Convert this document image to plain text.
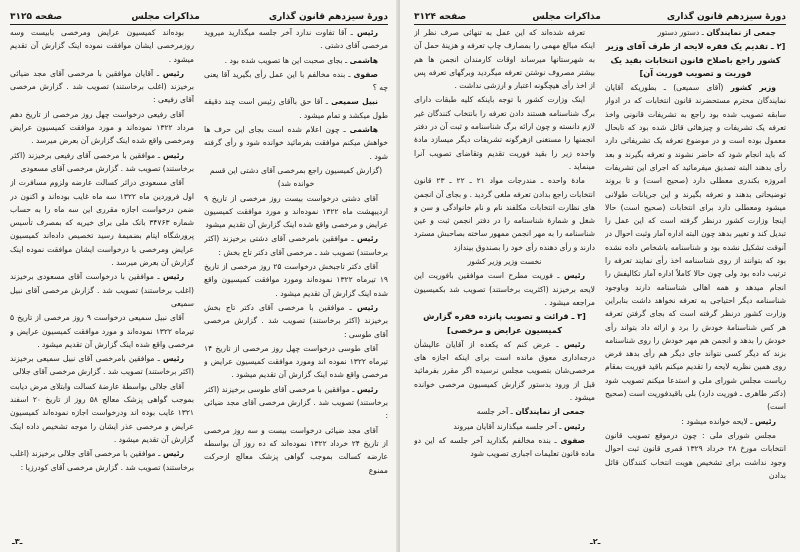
دورهٔ سیزدهم قانون گذاری
مذاکرات مجلس
صفحه ۳۱۲۵

رئیس ـ آقا تفاوت ندارد آخر جلسه میگذارید میروید مرخصی آقای دشتی .

هاشمی ـ بجای صحبت این ها تصویب شده بود .

صفوی ـ بنده مخالفم با این عمل رأی بگیرید آقا یعنی چه ؟

نبیل سمیعی ـ آقا حق باآقای رئیس است چند دقیقه طول میکشد و تمام میشود .

هاشمی ـ چون اعلام شده است بجای این حرف ها خواهش میکنم موافقت بفرمائید خوانده شود و رأی گرفته شود .

(گزارش کمیسیون راجع بمرخصی آقای دشتی این قسم خوانده شد)

آقای دشتی درخواست بیست روز مرخصی از تاریخ ۹ اردیبهشت ماه ۱۳۲۲ نموده‌اند و مورد موافقت کمیسیون عرایض و مرخصی واقع شده اینک گزارش آن تقدیم میشود

رئیس ـ موافقین بامرخصی آقای دشتی برخیزند (اکثر برخاستند) تصویب شد ـ مرخصی آقای دکتر تاج بخش :

آقای دکتر تاجبخش درخواست ۲۵ روز مرخصی از تاریخ ۱۹ تیرماه ۱۳۲۲ نموده‌اند ومورد موافقت کمیسیون واقع شده اینک گزارش آن تقدیم میشود .

رئیس ـ موافقین با مرخصی آقای دکتر تاج بخش برخیزند (اکثر برخاستند) تصویب شد . گزارش مرخصی آقای طوسی :

آقای طوسی درخواست چهل روز مرخصی از تاریخ ۱۴ تیرماه ۱۳۲۲ نموده اند ومورد موافقت کمیسیون عرایض و مرخصی واقع شده اینک گزارش آن تقدیم میشود .

رئیس ـ موافقین با مرخصی آقای طوسی برخیزند (اکثر برخاستند) تصویب شد . گزارش مرخصی آقای مجد ضیائی :

آقای مجد ضیائی درخواست بیست و سه روز مرخصی از تاریخ ۲۴ خرداد ۱۳۲۲ نموده‌اند که ده روز آن بواسطه عارضه کسالت بموجب گواهی پزشک معالج ازحرکت ممنوع

بوده‌اند کمیسیون عرایض ومرخصی بابیست وسه روزمرخصی ایشان موافقت نموده اینک گزارش آن تقدیم میشود .

رئیس ـ آقایان موافقین با مرخصی آقای مجد ضیائی برخیزند (اغلب برخاستند) تصویب شد . گزارش مرخصی آقای رفیعی :

آقای رفیعی درخواست چهل روز مرخصی از تاریخ دهم مرداد ۱۳۲۲ نموده‌اند و مورد موافقت کمیسیون عرایض ومرخصی واقع شده اینک گزارش آن بعرض میرسد .

رئیس ـ موافقین با مرخصی آقای رفیعی برخیزند (اکثر برخاستند) تصویب شد . گزارش مرخصی آقای مسعودی

آقای مسعودی دراثر کسالت عارضه ولزوم مسافرت از اول فروردین ماه ۱۳۲۲ سه ماه غایب بوده‌اند و اکنون در ضمن درخواست اجازه مقرری این سه ماه را به حساب شماره ۳۴۷۶۳ بانک ملی برای خیریه که بمصرف تأسیس پرورشگاه ایتام بضمیمهٔ رسید تخصیص داده‌اند کمیسیون عرایض ومرخصی با درخواست ایشان موافقت نموده اینک گزارش آن بعرض میرسد .

رئیس ـ موافقین با درخواست آقای مسعودی برخیزند (اغلب برخاستند) تصویب شد . گزارش مرخصی آقای نبیل سمیعی

آقای نبیل سمیعی درخواست ۹ روز مرخصی از تاریخ ۵ تیرماه ۱۳۲۲ نموده‌اند و مورد موافقت کمیسیون عرایض و مرخصی واقع شده اینک گزارش آن تقدیم میشود .

رئیس ـ موافقین بامرخصی آقای نبیل سمیعی برخیزند (اکثر برخاستند) تصویب شد . گزارش مرخصی آقای جلالی

آقای جلالی بواسطهٔ عارضهٔ کسالت وابتلای مرض دیابت بموجب گواهی پزشک معالج ۵۸ روز از تاریخ ۲۰ اسفند ۱۳۲۱ غایب بوده اند ودرخواست اجازه نموده‌اند کمیسیون عرایض و مرخصی عذر ایشان را موجه تشخیص داده اینک گزارش آن تقدیم میشود .

رئیس ـ موافقین با مرخصی آقای جلالی برخیزند (اغلب برخاستند) تصویب شد . گزارش مرخصی آقای کودرزیا :

ـ۳ـ
دورهٔ سیزدهم قانون گذاری
مذاکرات مجلس
صفحه ۳۱۲۴

جمعی از نمایندگان ـ دستور دستور

[۲ ـ تقدیم یک فقره لایحه از طرف آقای وزیر کشور راجع باصلاح قانون انتخابات بقید یک فوریت و تصویب فوریت آن]

وزیر کشور (آقای سمیعی) ـ بطوریکه آقایان نمایندگان محترم مستحضرند قانون انتخابات که در ادوار سابقه تصویب شده بود راجع به تشریفات قانونی واخذ تعرفه یک تشریفات و چیزهائی قائل شده بود که تابحال معمول بوده است و در موضوع تعرفه یک تشریفاتی دارد که باید انجام شود که حاضر نشوند و تعرفه بگیرند و بعد رأی بدهند البته تصدیق میفرمائید که اجرای این تشریفات امروزه بکندری معطلی دارد (صحیح است) و تا بروند توضیحاتی بدهند و تعرفه بگیرند و این جریانات طولانی میشود ومعطلی دارد برای انتخابات (صحیح است) حالا اینجا وزارت کشور درنظر گرفته است که این عمل را تبدیل کند و تغییر بدهد چون البته اداره آمار وثبت احوال در آنوقت تشکیل نشده بود و شناسنامه باشخاص داده نشده بود که بتوانند از روی شناسنامه اخذ رأی نمایند تعرفه را ترتیب داده بود ولی چون حالا کاملاً اداره آمار تکالیفش را انجام میدهد و همه اهالی شناسنامه دارند وباوجود شناسنامه دیگر احتیاجی به تعرفه نخواهد داشت بنابراین وزارت کشور درنظر گرفته است که بجای گرفتن تعرفه هر کس شناسنامهٔ خودش را برد و ارائه داد بتواند رأی خودش را بدهد و انجمن هم مهر خودش را روی شناسنامه بزند که دیگر کسی نتواند جای دیگر هم رأی بدهد فرض روی همین نظریه لایحه را تقدیم میکنم باقید فوریت بمقام ریاست مجلس شورای ملی و استدعا میکنم تصویب شود (دکتر طاهری ـ فوریت دارد) بلی باقیدفوریت است (صحیح است)

رئیس ـ لایحه خوانده میشود :

مجلس شورای ملی : چون درموقع تصویب قانون انتخابات مورخ ۲۸ خرداد ۱۳۲۹ قمری قانون ثبت احوال وجود نداشت برای تشخیص هویت انتخاب کنندگان قائل بدادن

تعرفه شده‌اند که این عمل به تنهائی صرف نظر از اینکه مبالغ مهمی را بمصارف چاپ تعرفه و هزینهٔ حمل آن به شهرستانها میرساند اوقات کارمندان انجمن ها هم بیشتر مصروف نوشتن تعرفه میگردید وبرگهای تعرفه پس از اخذ رأی هیچگونه اعتبار و ارزشی نداشت .

اینک وزارت کشور با توجه باینکه کلیه طبقات دارای برگ شناسنامه هستند دادن تعرفه را بانتخاب کنندگان غیر لازم دانسته و چون ارائه برگ شناسنامه و ثبت آن در دفتر انجمنها را مستغنی ازهرگونه تشریفات دیگر میسازد مادهٔ واحده زیر را بقید فوریت تقدیم وتقاضای تصویب آنرا مینماید .

مادهٔ واحده ـ مندرجات مواد ۲۱ ـ ۲۲ ـ ۲۳ قانون انتخابات راجع بدادن تعرفه ملغی گردید . و بجای آن انجمن های نظارت انتخابات مکلفند نام و نام خانوادگی و سن و شغل و شمارهٔ شناسنامه را در دفتر انجمن ثبت و عین شناسنامه را به مهر انجمن ممهور ساخته بصاحبش مسترد دارند و رأی دهنده رأی خود را بصندوق بیندازد

نخست وزیر وزیر کشور

رئیس ـ فوریت مطرح است موافقین بافوریت این لایحه برخیزند (اکثریت برخاستند) تصویب شد بکمیسیون مراجعه میشود .

[۳ ـ قرائت و تصویب پانزده فقره گزارش کمیسیون عرایض و مرخصی]

رئیس ـ عرض کنم که یکعده از آقایان عالیشأن درجه‌اداری معوق مانده است برای اینکه اجازه های مرخصی‌شان بتصویب مجلس نرسیده اگر مقرر بفرمائید قبل از ورود بدستور گزارش کمیسیون مرخصی خوانده میشود .

جمعی از نمایندگان ـ آخر جلسه

رئیس ـ آخر جلسه میگذارند آقایان میروند

صفوی ـ بنده مخالفم بگذارید آخر جلسه که این دو ماده قانون تعلیمات اجباری تصویب شود

ـ۲ـ
